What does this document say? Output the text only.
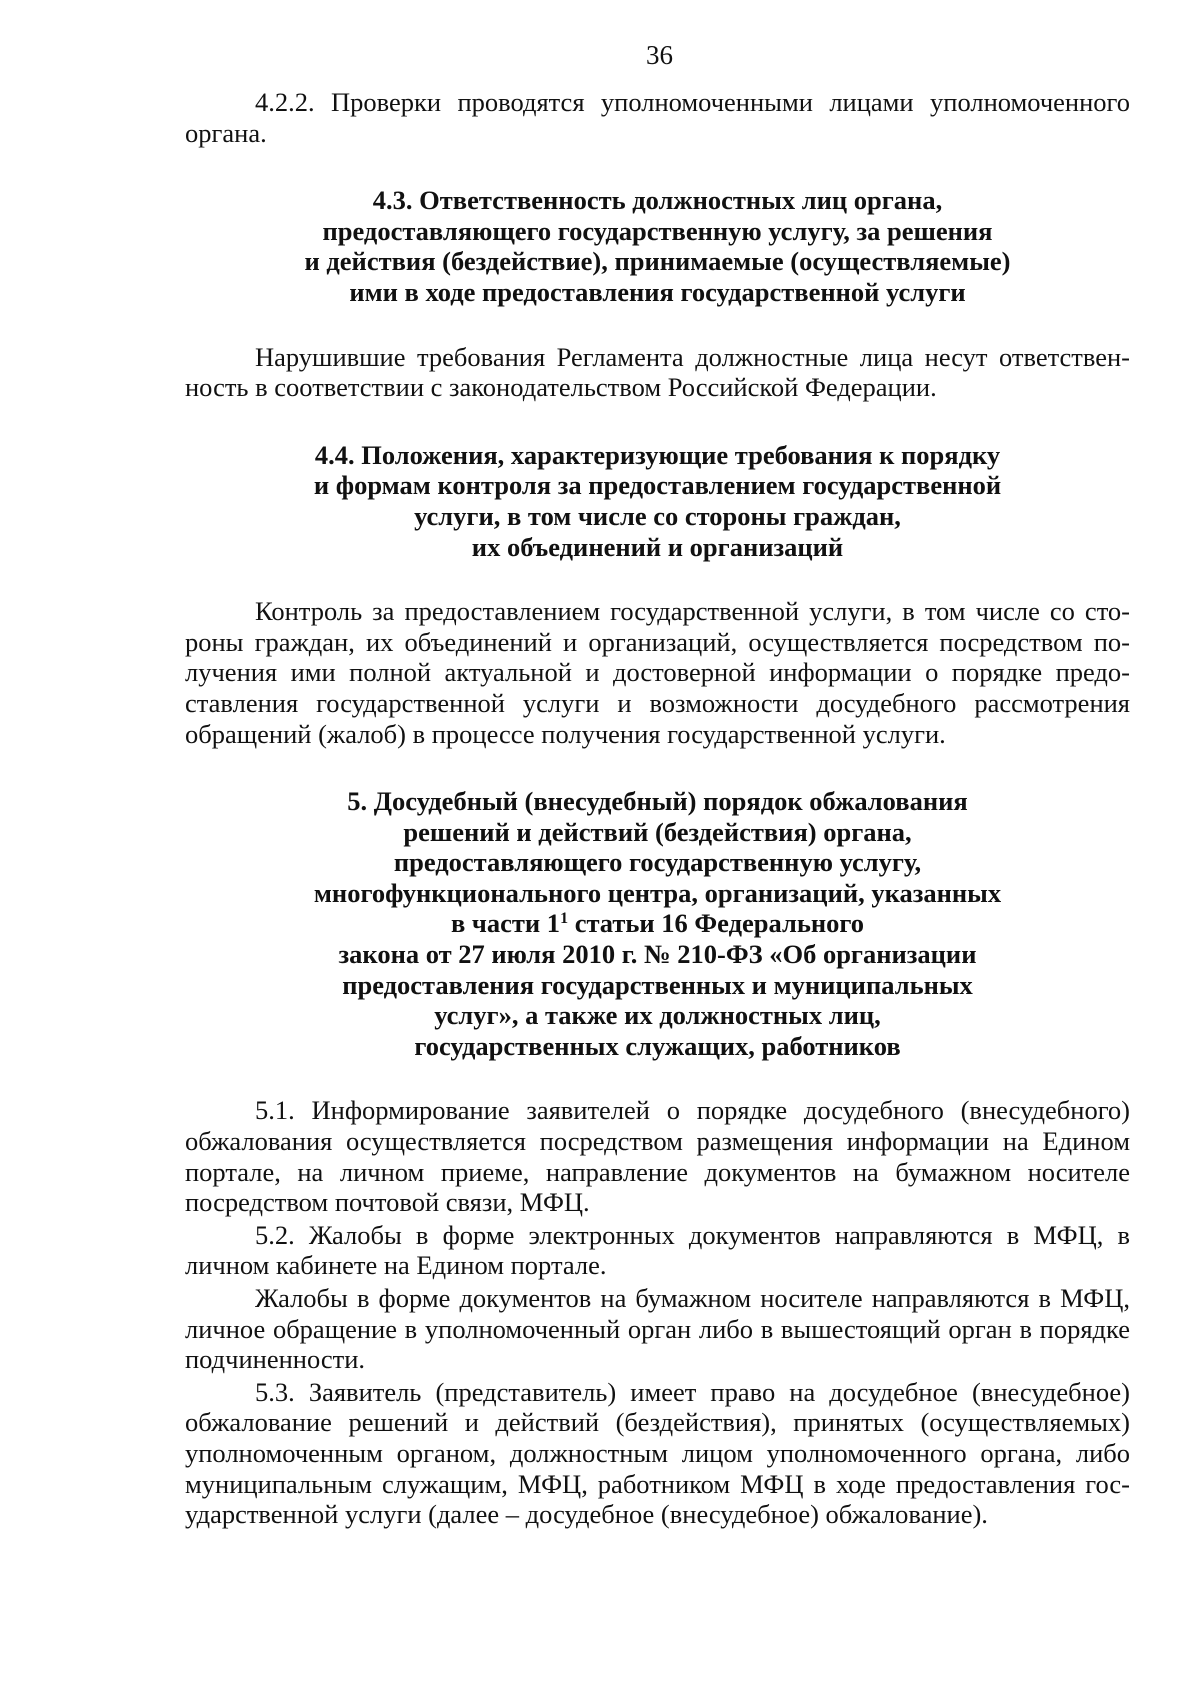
36

4.2.2. Проверки проводятся уполномоченными лицами уполномоченного органа.

4.3. Ответственность должностных лиц органа,
предоставляющего государственную услугу, за решения
и действия (бездействие), принимаемые (осуществляемые)
ими в ходе предоставления государственной услуги

Нарушившие требования Регламента должностные лица несут ответственность в соответствии с законодательством Российской Федерации.

4.4. Положения, характеризующие требования к порядку
и формам контроля за предоставлением государственной
услуги, в том числе со стороны граждан,
их объединений и организаций

Контроль за предоставлением государственной услуги, в том числе со стороны граждан, их объединений и организаций, осуществляется посредством получения ими полной актуальной и достоверной информации о порядке предоставления государственной услуги и возможности досудебного рассмотрения обращений (жалоб) в процессе получения государственной услуги.

5. Досудебный (внесудебный) порядок обжалования
решений и действий (бездействия) органа,
предоставляющего государственную услугу,
многофункционального центра, организаций, указанных
в части $1^1$ статьи 16 Федерального
закона от 27 июля 2010 г. № 210-ФЗ «Об организации
предоставления государственных и муниципальных
услуг», а также их должностных лиц,
государственных служащих, работников

5.1. Информирование заявителей о порядке досудебного (внесудебного) обжалования осуществляется посредством размещения информации на Едином портале, на личном приеме, направление документов на бумажном носителе посредством почтовой связи, МФЦ.

5.2. Жалобы в форме электронных документов направляются в МФЦ, в личном кабинете на Едином портале.

Жалобы в форме документов на бумажном носителе направляются в МФЦ, личное обращение в уполномоченный орган либо в вышестоящий орган в порядке подчиненности.

5.3. Заявитель (представитель) имеет право на досудебное (внесудебное) обжалование решений и действий (бездействия), принятых (осуществляемых) уполномоченным органом, должностным лицом уполномоченного органа, либо муниципальным служащим, МФЦ, работником МФЦ в ходе предоставления государственной услуги (далее – досудебное (внесудебное) обжалование).
